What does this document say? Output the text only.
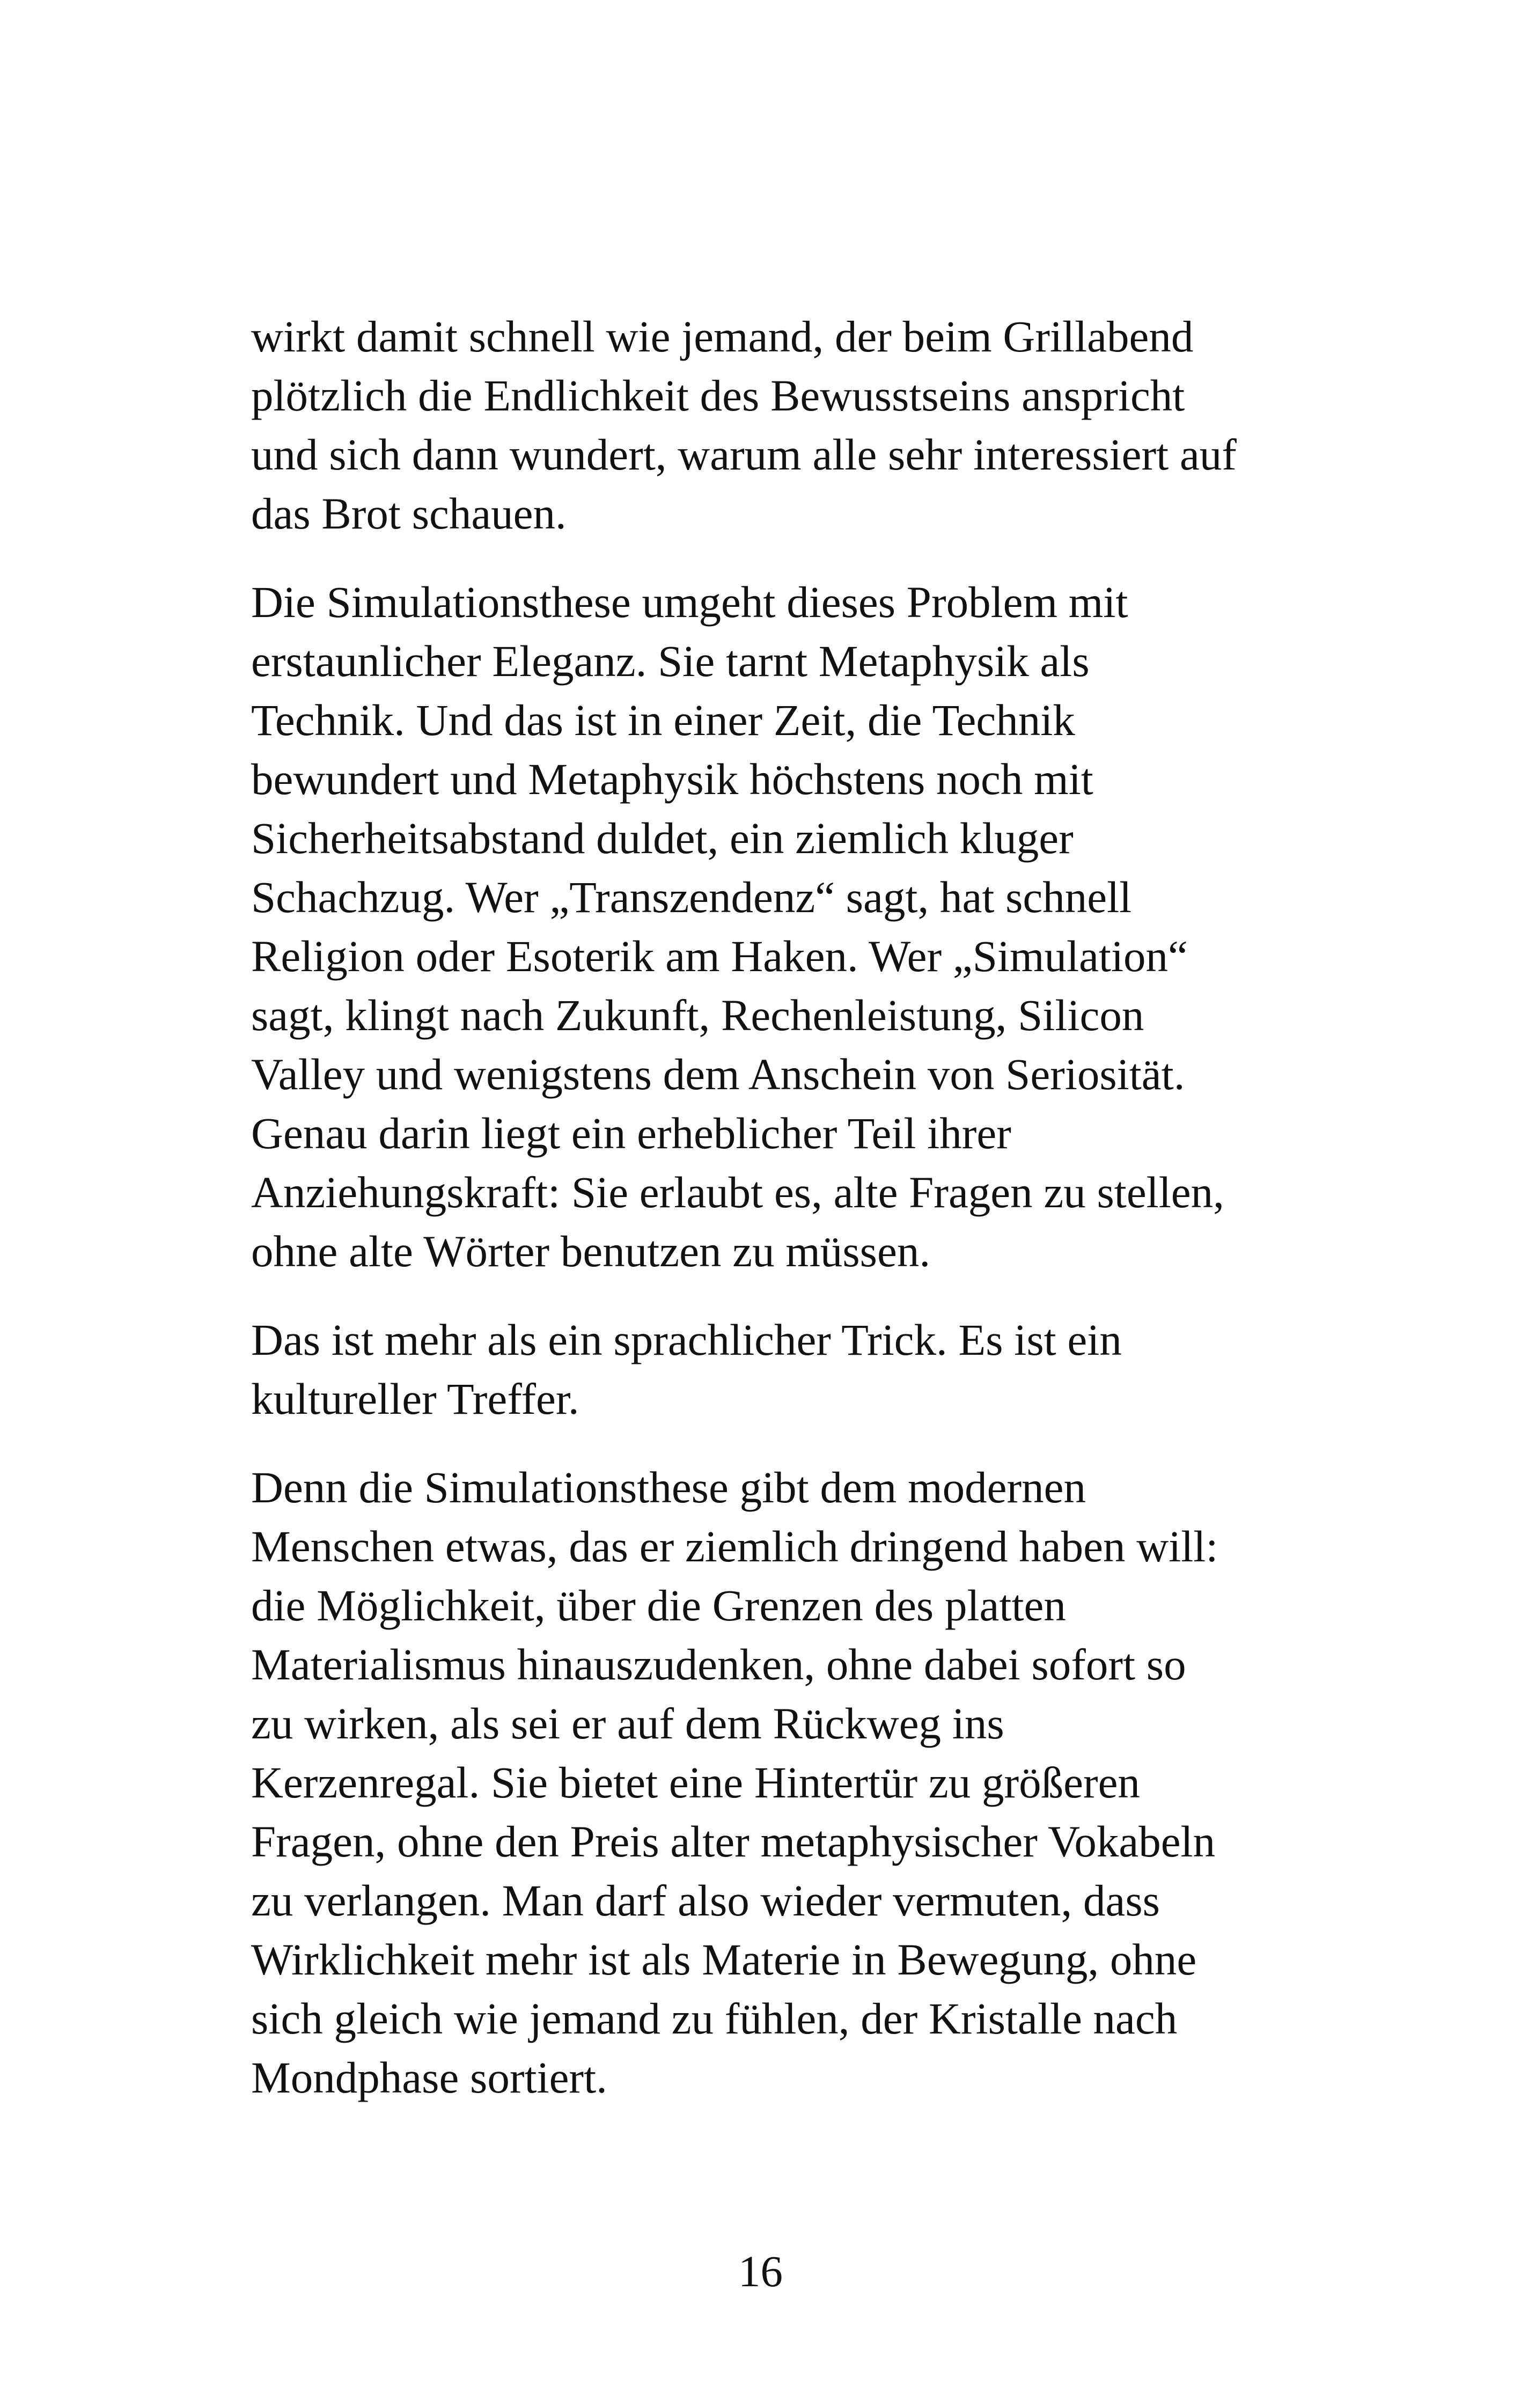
wirkt damit schnell wie jemand, der beim Grillabend
plötzlich die Endlichkeit des Bewusstseins anspricht
und sich dann wundert, warum alle sehr interessiert auf
das Brot schauen.

Die Simulationsthese umgeht dieses Problem mit
erstaunlicher Eleganz. Sie tarnt Metaphysik als
Technik. Und das ist in einer Zeit, die Technik
bewundert und Metaphysik höchstens noch mit
Sicherheitsabstand duldet, ein ziemlich kluger
Schachzug. Wer „Transzendenz“ sagt, hat schnell
Religion oder Esoterik am Haken. Wer „Simulation“
sagt, klingt nach Zukunft, Rechenleistung, Silicon
Valley und wenigstens dem Anschein von Seriosität.
Genau darin liegt ein erheblicher Teil ihrer
Anziehungskraft: Sie erlaubt es, alte Fragen zu stellen,
ohne alte Wörter benutzen zu müssen.

Das ist mehr als ein sprachlicher Trick. Es ist ein
kultureller Treffer.

Denn die Simulationsthese gibt dem modernen
Menschen etwas, das er ziemlich dringend haben will:
die Möglichkeit, über die Grenzen des platten
Materialismus hinauszudenken, ohne dabei sofort so
zu wirken, als sei er auf dem Rückweg ins
Kerzenregal. Sie bietet eine Hintertür zu größeren
Fragen, ohne den Preis alter metaphysischer Vokabeln
zu verlangen. Man darf also wieder vermuten, dass
Wirklichkeit mehr ist als Materie in Bewegung, ohne
sich gleich wie jemand zu fühlen, der Kristalle nach
Mondphase sortiert.

16
